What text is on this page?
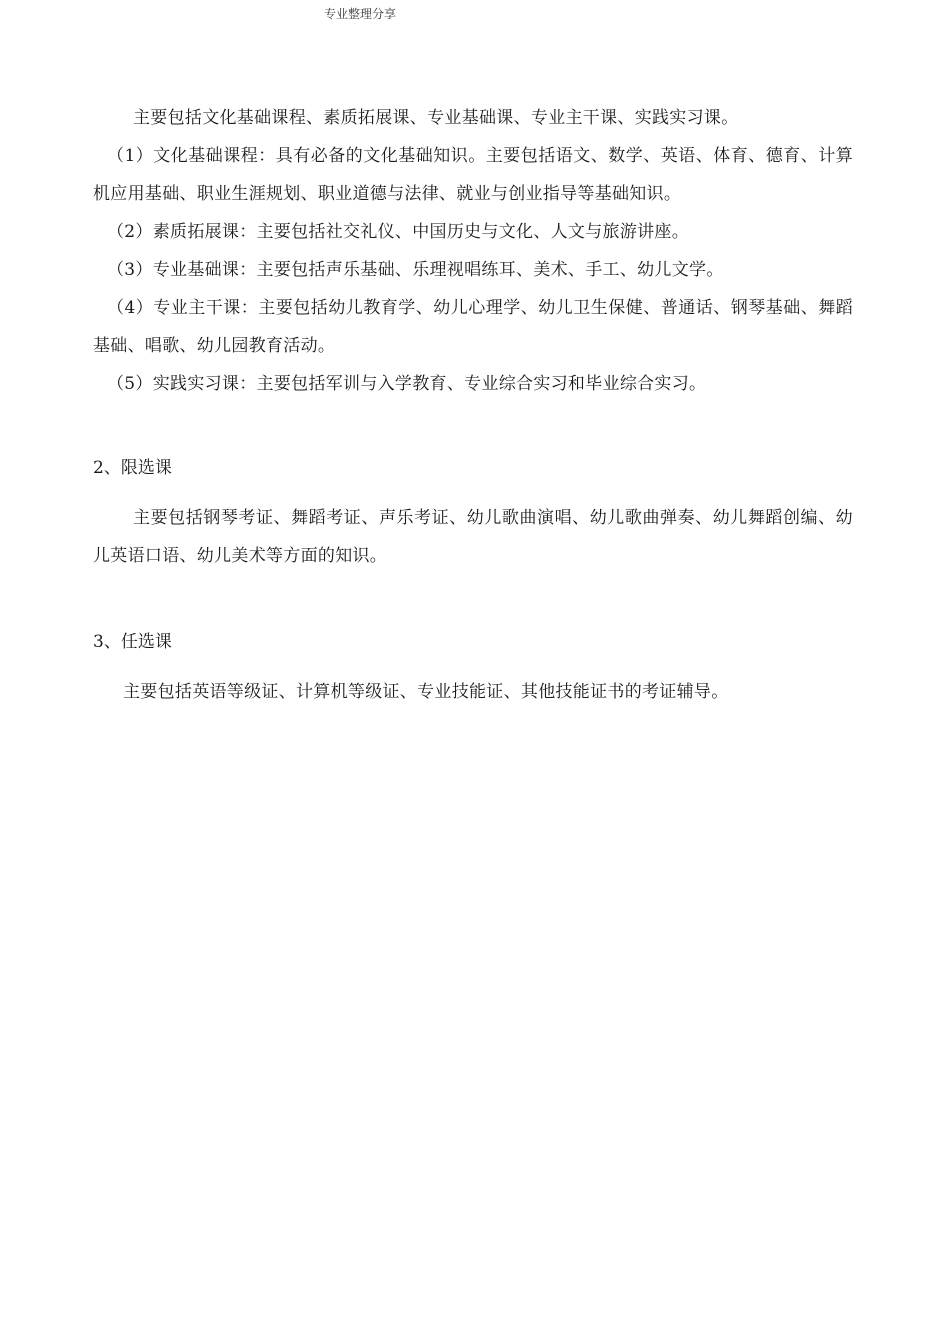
专业整理分享

主要包括文化基础课程、素质拓展课、专业基础课、专业主干课、实践实习课。

（1）文化基础课程：具有必备的文化基础知识。主要包括语文、数学、英语、体育、德育、计算机应用基础、职业生涯规划、职业道德与法律、就业与创业指导等基础知识。

（2）素质拓展课：主要包括社交礼仪、中国历史与文化、人文与旅游讲座。

（3）专业基础课：主要包括声乐基础、乐理视唱练耳、美术、手工、幼儿文学。

（4）专业主干课：主要包括幼儿教育学、幼儿心理学、幼儿卫生保健、普通话、钢琴基础、舞蹈基础、唱歌、幼儿园教育活动。

（5）实践实习课：主要包括军训与入学教育、专业综合实习和毕业综合实习。

2、限选课

主要包括钢琴考证、舞蹈考证、声乐考证、幼儿歌曲演唱、幼儿歌曲弹奏、幼儿舞蹈创编、幼儿英语口语、幼儿美术等方面的知识。

3、任选课

主要包括英语等级证、计算机等级证、专业技能证、其他技能证书的考证辅导。
